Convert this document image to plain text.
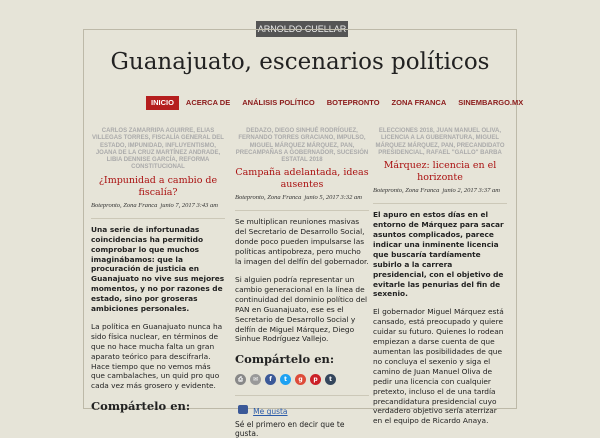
ARNOLDO CUELLAR
Guanajuato, escenarios políticos
INICIO	ACERCA DE	ANÁLISIS POLÍTICO	BOTEPRONTO	ZONA FRANCA	SINEMBARGO.MX
CARLOS ZAMARRIPA AGUIRRE, ELIAS VILLEGAS TORRES, FISCALÍA GENERAL DEL ESTADO, IMPUNIDAD, INFLUYENTISMO, JOANA DE LA CRUZ MARTÍNEZ ANDRADE, LIBIA DENNISE GARCÍA, REFORMA CONSTITUCIONAL
¿Impunidad a cambio de fiscalía?
Botepronto, Zona Franca junio 7, 2017 3:43 am
Una serie de infortunadas coincidencias ha permitido comprobar lo que muchos imaginábamos: que la procuración de justicia en Guanajuato no vive sus mejores momentos, y no por razones de estado, sino por groseras ambiciones personales.
La política en Guanajuato nunca ha sido física nuclear, en términos de que no hace mucha falta un gran aparato teórico para descifrarla. Hace tiempo que no vemos más que cambalaches, un quid pro quo cada vez más grosero y evidente.
Compártelo en:
DEDAZO, DIEGO SINHUÉ RODRÍGUEZ, FERNANDO TORRES GRACIANO, IMPULSO, MIGUEL MÁRQUEZ MÁRQUEZ, PAN, PRECAMPAÑAS A GOBERNADOR, SUCESIÓN ESTATAL 2018
Campaña adelantada, ideas ausentes
Botepronto, Zona Franca junio 5, 2017 3:32 am
Se multiplican reuniones masivas del Secretario de Desarrollo Social, donde poco pueden impulsarse las políticas antipobreza, pero mucho la imagen del delfín del gobernador.
Si alguien podría representar un cambio generacional en la línea de continuidad del dominio político del PAN en Guanajuato, ese es el Secretario de Desarrollo Social y delfín de Miguel Márquez, Diego Sinhue Rodríguez Vallejo.
Compártelo en:
⎙	✉	f	t	g	p	t
Me gusta
Sé el primero en decir que te gusta.
ELECCIONES 2018, JUAN MANUEL OLIVA, LICENCIA A LA GUBERNATURA, MIGUEL MÁRQUEZ MÁRQUEZ, PAN, PRECANDIDATO PRESIDENCIAL, RAFAEL "GALLO" BARBA
Márquez: licencia en el horizonte
Botepronto, Zona Franca junio 2, 2017 3:37 am
El apuro en estos días en el entorno de Márquez para sacar asuntos complicados, parece indicar una inminente licencia que buscaría tardíamente subirlo a la carrera presidencial, con el objetivo de evitarle las penurias del fin de sexenio.
El gobernador Miguel Márquez está cansado, está preocupado y quiere cuidar su futuro. Quienes lo rodean empiezan a darse cuenta de que aumentan las posibilidades de que no concluya el sexenio y siga el camino de Juan Manuel Oliva de pedir una licencia con cualquier pretexto, incluso el de una tardía precandidatura presidencial cuyo verdadero objetivo sería aterrizar en el equipo de Ricardo Anaya.
